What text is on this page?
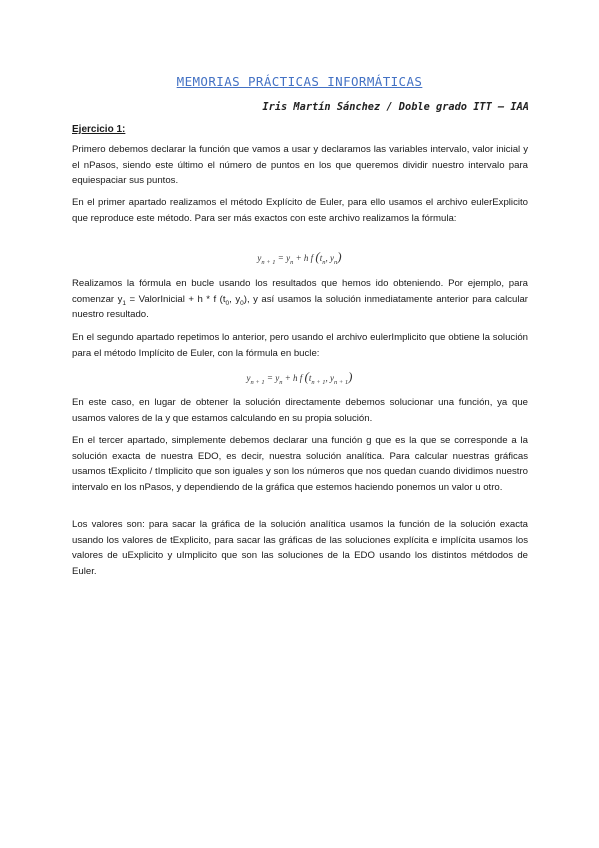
MEMORIAS PRÁCTICAS INFORMÁTICAS
Iris Martín Sánchez / Doble grado ITT – IAA
Ejercicio 1:
Primero debemos declarar la función que vamos a usar y declaramos las variables intervalo, valor inicial y el nPasos, siendo este último el número de puntos en los que queremos dividir nuestro intervalo para equiespaciar sus puntos.
En el primer apartado realizamos el método Explícito de Euler, para ello usamos el archivo eulerExplicito que reproduce este método. Para ser más exactos con este archivo realizamos la fórmula:
$y_{n + 1} = y_n + h$ f ($t_n$, $y_n$)
Realizamos la fórmula en bucle usando los resultados que hemos ido obteniendo. Por ejemplo, para comenzar $y_1$ = ValorInicial + h * f ($t_0$, $y_0$), y así usamos la solución inmediatamente anterior para calcular nuestro resultado.
En el segundo apartado repetimos lo anterior, pero usando el archivo eulerImplicito que obtiene la solución para el método Implícito de Euler, con la fórmula en bucle:
$y_{n + 1} = y_n + h$ f ($t_{n + 1}$, $y_{n + 1}$)
En este caso, en lugar de obtener la solución directamente debemos solucionar una función, ya que usamos valores de la y que estamos calculando en su propia solución.
En el tercer apartado, simplemente debemos declarar una función g que es la que se corresponde a la solución exacta de nuestra EDO, es decir, nuestra solución analítica. Para calcular nuestras gráficas usamos tExplicito / tImplicito que son iguales y son los números que nos quedan cuando dividimos nuestro intervalo en los nPasos, y dependiendo de la gráfica que estemos haciendo ponemos un valor u otro.
Los valores son: para sacar la gráfica de la solución analítica usamos la función de la solución exacta usando los valores de tExplicito, para sacar las gráficas de las soluciones explícita e implícita usamos los valores de uExplicito y uImplicito que son las soluciones de la EDO usando los distintos métdodos de Euler.
